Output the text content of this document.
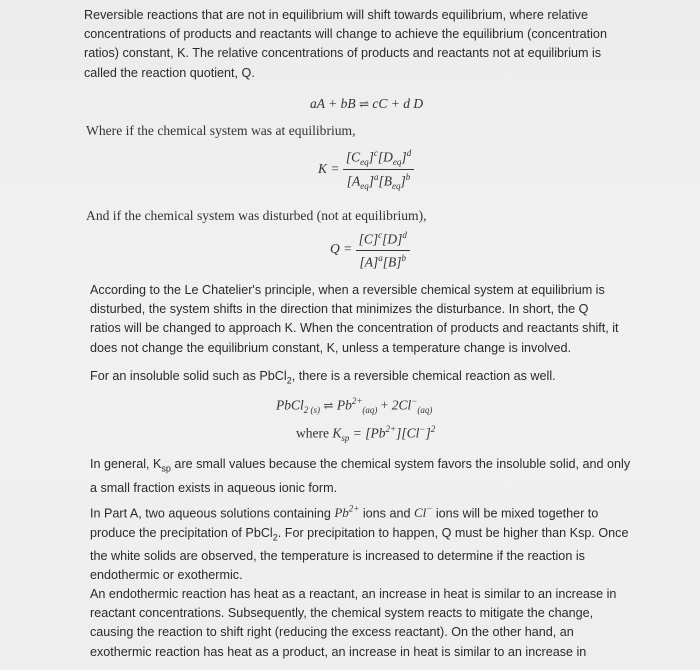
Reversible reactions that are not in equilibrium will shift towards equilibrium, where relative
concentrations of products and reactants will change to achieve the equilibrium (concentration
ratios) constant, K. The relative concentrations of products and reactants not at equilibrium is
called the reaction quotient, Q.

aA + bB ⇌ cC + d D

Where if the chemical system was at equilibrium,

$K = \frac{[C_{eq}]^c[D_{eq}]^d}{[A_{eq}]^a[B_{eq}]^b}$

And if the chemical system was disturbed (not at equilibrium),

$Q = \frac{[C]^c[D]^d}{[A]^a[B]^b}$

According to the Le Chatelier's principle, when a reversible chemical system at equilibrium is
disturbed, the system shifts in the direction that minimizes the disturbance. In short, the Q
ratios will be changed to approach K. When the concentration of products and reactants shift, it
does not change the equilibrium constant, K, unless a temperature change is involved.

For an insoluble solid such as PbCl$_2$, there is a reversible chemical reaction as well.

PbCl$_{2 (s)}$ ⇌ $Pb^{2+}_{(aq)} + 2Cl^-_{(aq)}$
where $K_{sp} = [Pb^{2+}][Cl^-]^2$

In general, $K_{sp}$ are small values because the chemical system favors the insoluble solid, and only
a small fraction exists in aqueous ionic form.

In Part A, two aqueous solutions containing $Pb^{2+}$ ions and Cl− ions will be mixed together to
produce the precipitation of PbCl$_2$. For precipitation to happen, Q must be higher than Ksp. Once
the white solids are observed, the temperature is increased to determine if the reaction is
endothermic or exothermic.

An endothermic reaction has heat as a reactant, an increase in heat is similar to an increase in
reactant concentrations. Subsequently, the chemical system reacts to mitigate the change,
causing the reaction to shift right (reducing the excess reactant). On the other hand, an
exothermic reaction has heat as a product, an increase in heat is similar to an increase in
